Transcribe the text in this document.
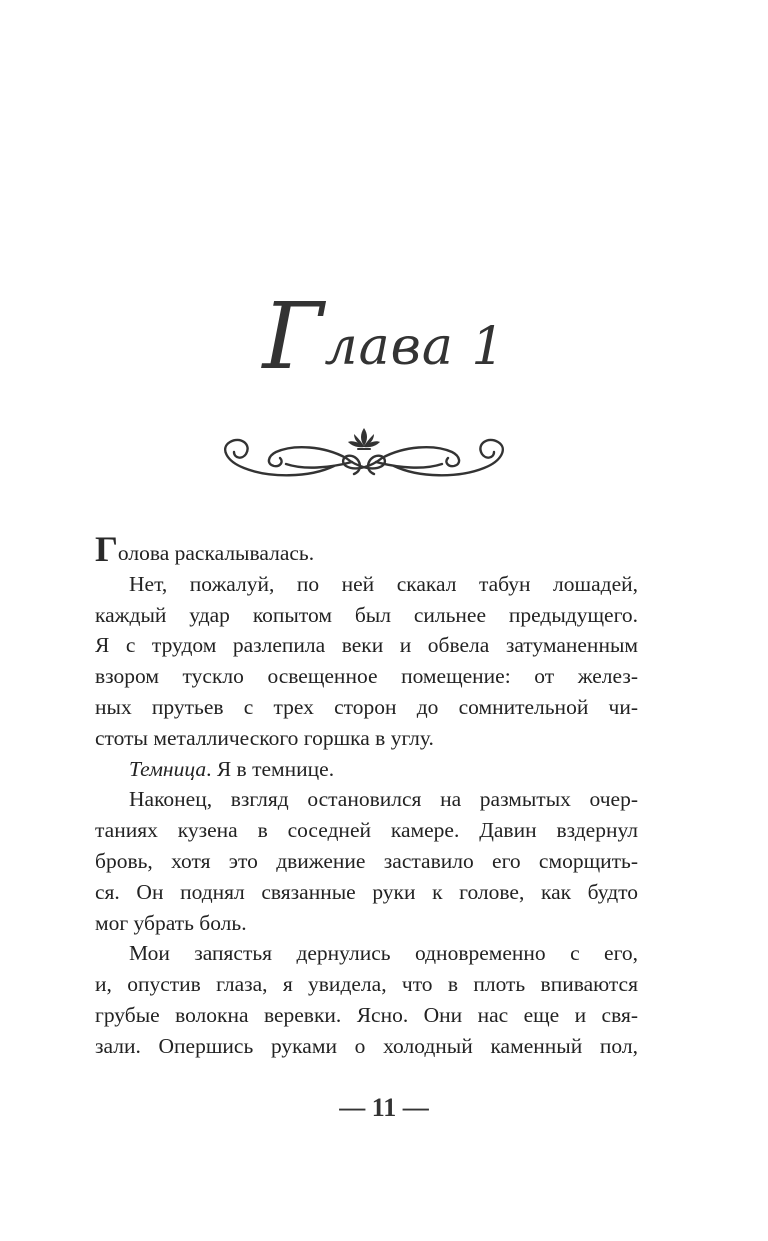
Глава 1

Голова раскалывалась.

Нет, пожалуй, по ней скакал табун лошадей,
каждый удар копытом был сильнее предыдущего.
Я с трудом разлепила веки и обвела затуманенным
взором тускло освещенное помещение: от желез-
ных прутьев с трех сторон до сомнительной чи-
стоты металлического горшка в углу.

Темница. Я в темнице.

Наконец, взгляд остановился на размытых очер-
таниях кузена в соседней камере. Давин вздернул
бровь, хотя это движение заставило его сморщить-
ся. Он поднял связанные руки к голове, как будто
мог убрать боль.

Мои запястья дернулись одновременно с его,
и, опустив глаза, я увидела, что в плоть впиваются
грубые волокна веревки. Ясно. Они нас еще и свя-
зали. Опершись руками о холодный каменный пол,

— 11 —
